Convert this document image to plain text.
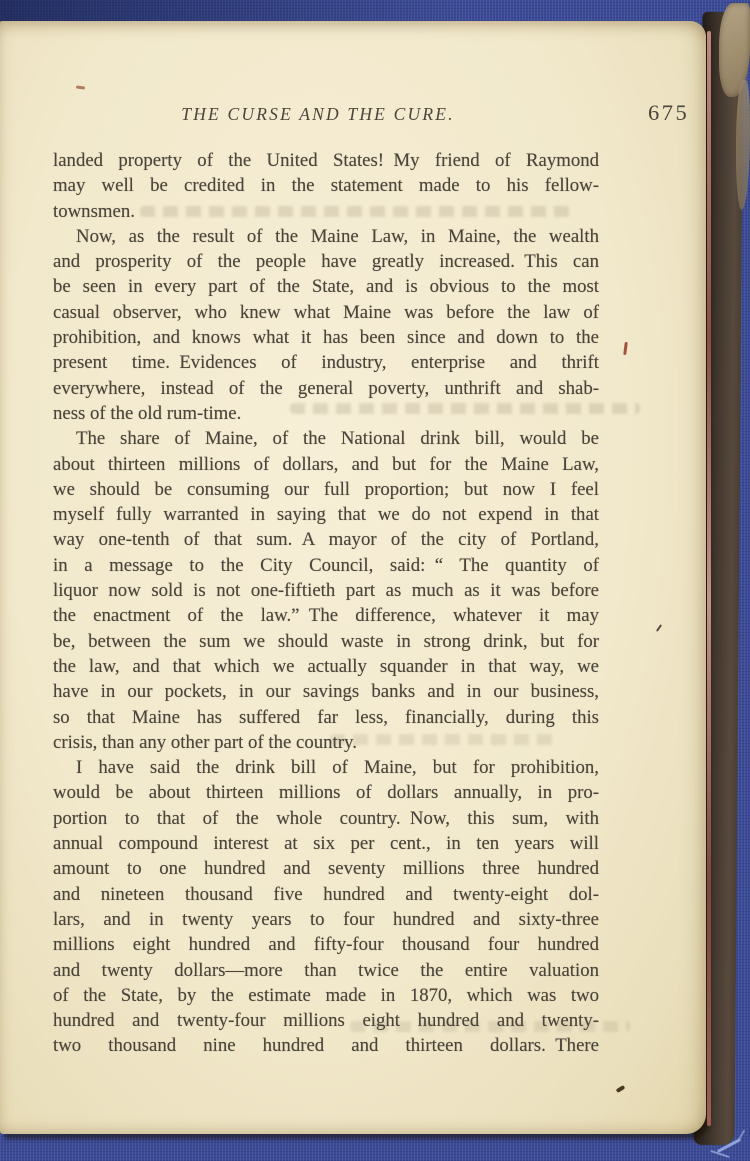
THE CURSE AND THE CURE.	675
landed property of the United States! My friend of Raymond
may well be credited in the statement made to his fellow-
townsmen.
Now, as the result of the Maine Law, in Maine, the wealth
and prosperity of the people have greatly increased. This can
be seen in every part of the State, and is obvious to the most
casual observer, who knew what Maine was before the law of
prohibition, and knows what it has been since and down to the
present time. Evidences of industry, enterprise and thrift
everywhere, instead of the general poverty, unthrift and shab-
ness of the old rum-time.
The share of Maine, of the National drink bill, would be
about thirteen millions of dollars, and but for the Maine Law,
we should be consuming our full proportion; but now I feel
myself fully warranted in saying that we do not expend in that
way one-tenth of that sum. A mayor of the city of Portland,
in a message to the City Council, said: “ The quantity of
liquor now sold is not one-fiftieth part as much as it was before
the enactment of the law.” The difference, whatever it may
be, between the sum we should waste in strong drink, but for
the law, and that which we actually squander in that way, we
have in our pockets, in our savings banks and in our business,
so that Maine has suffered far less, financially, during this
crisis, than any other part of the country.
I have said the drink bill of Maine, but for prohibition,
would be about thirteen millions of dollars annually, in pro-
portion to that of the whole country. Now, this sum, with
annual compound interest at six per cent., in ten years will
amount to one hundred and seventy millions three hundred
and nineteen thousand five hundred and twenty-eight dol-
lars, and in twenty years to four hundred and sixty-three
millions eight hundred and fifty-four thousand four hundred
and twenty dollars—more than twice the entire valuation
of the State, by the estimate made in 1870, which was two
hundred and twenty-four millions eight hundred and twenty-
two thousand nine hundred and thirteen dollars. There
